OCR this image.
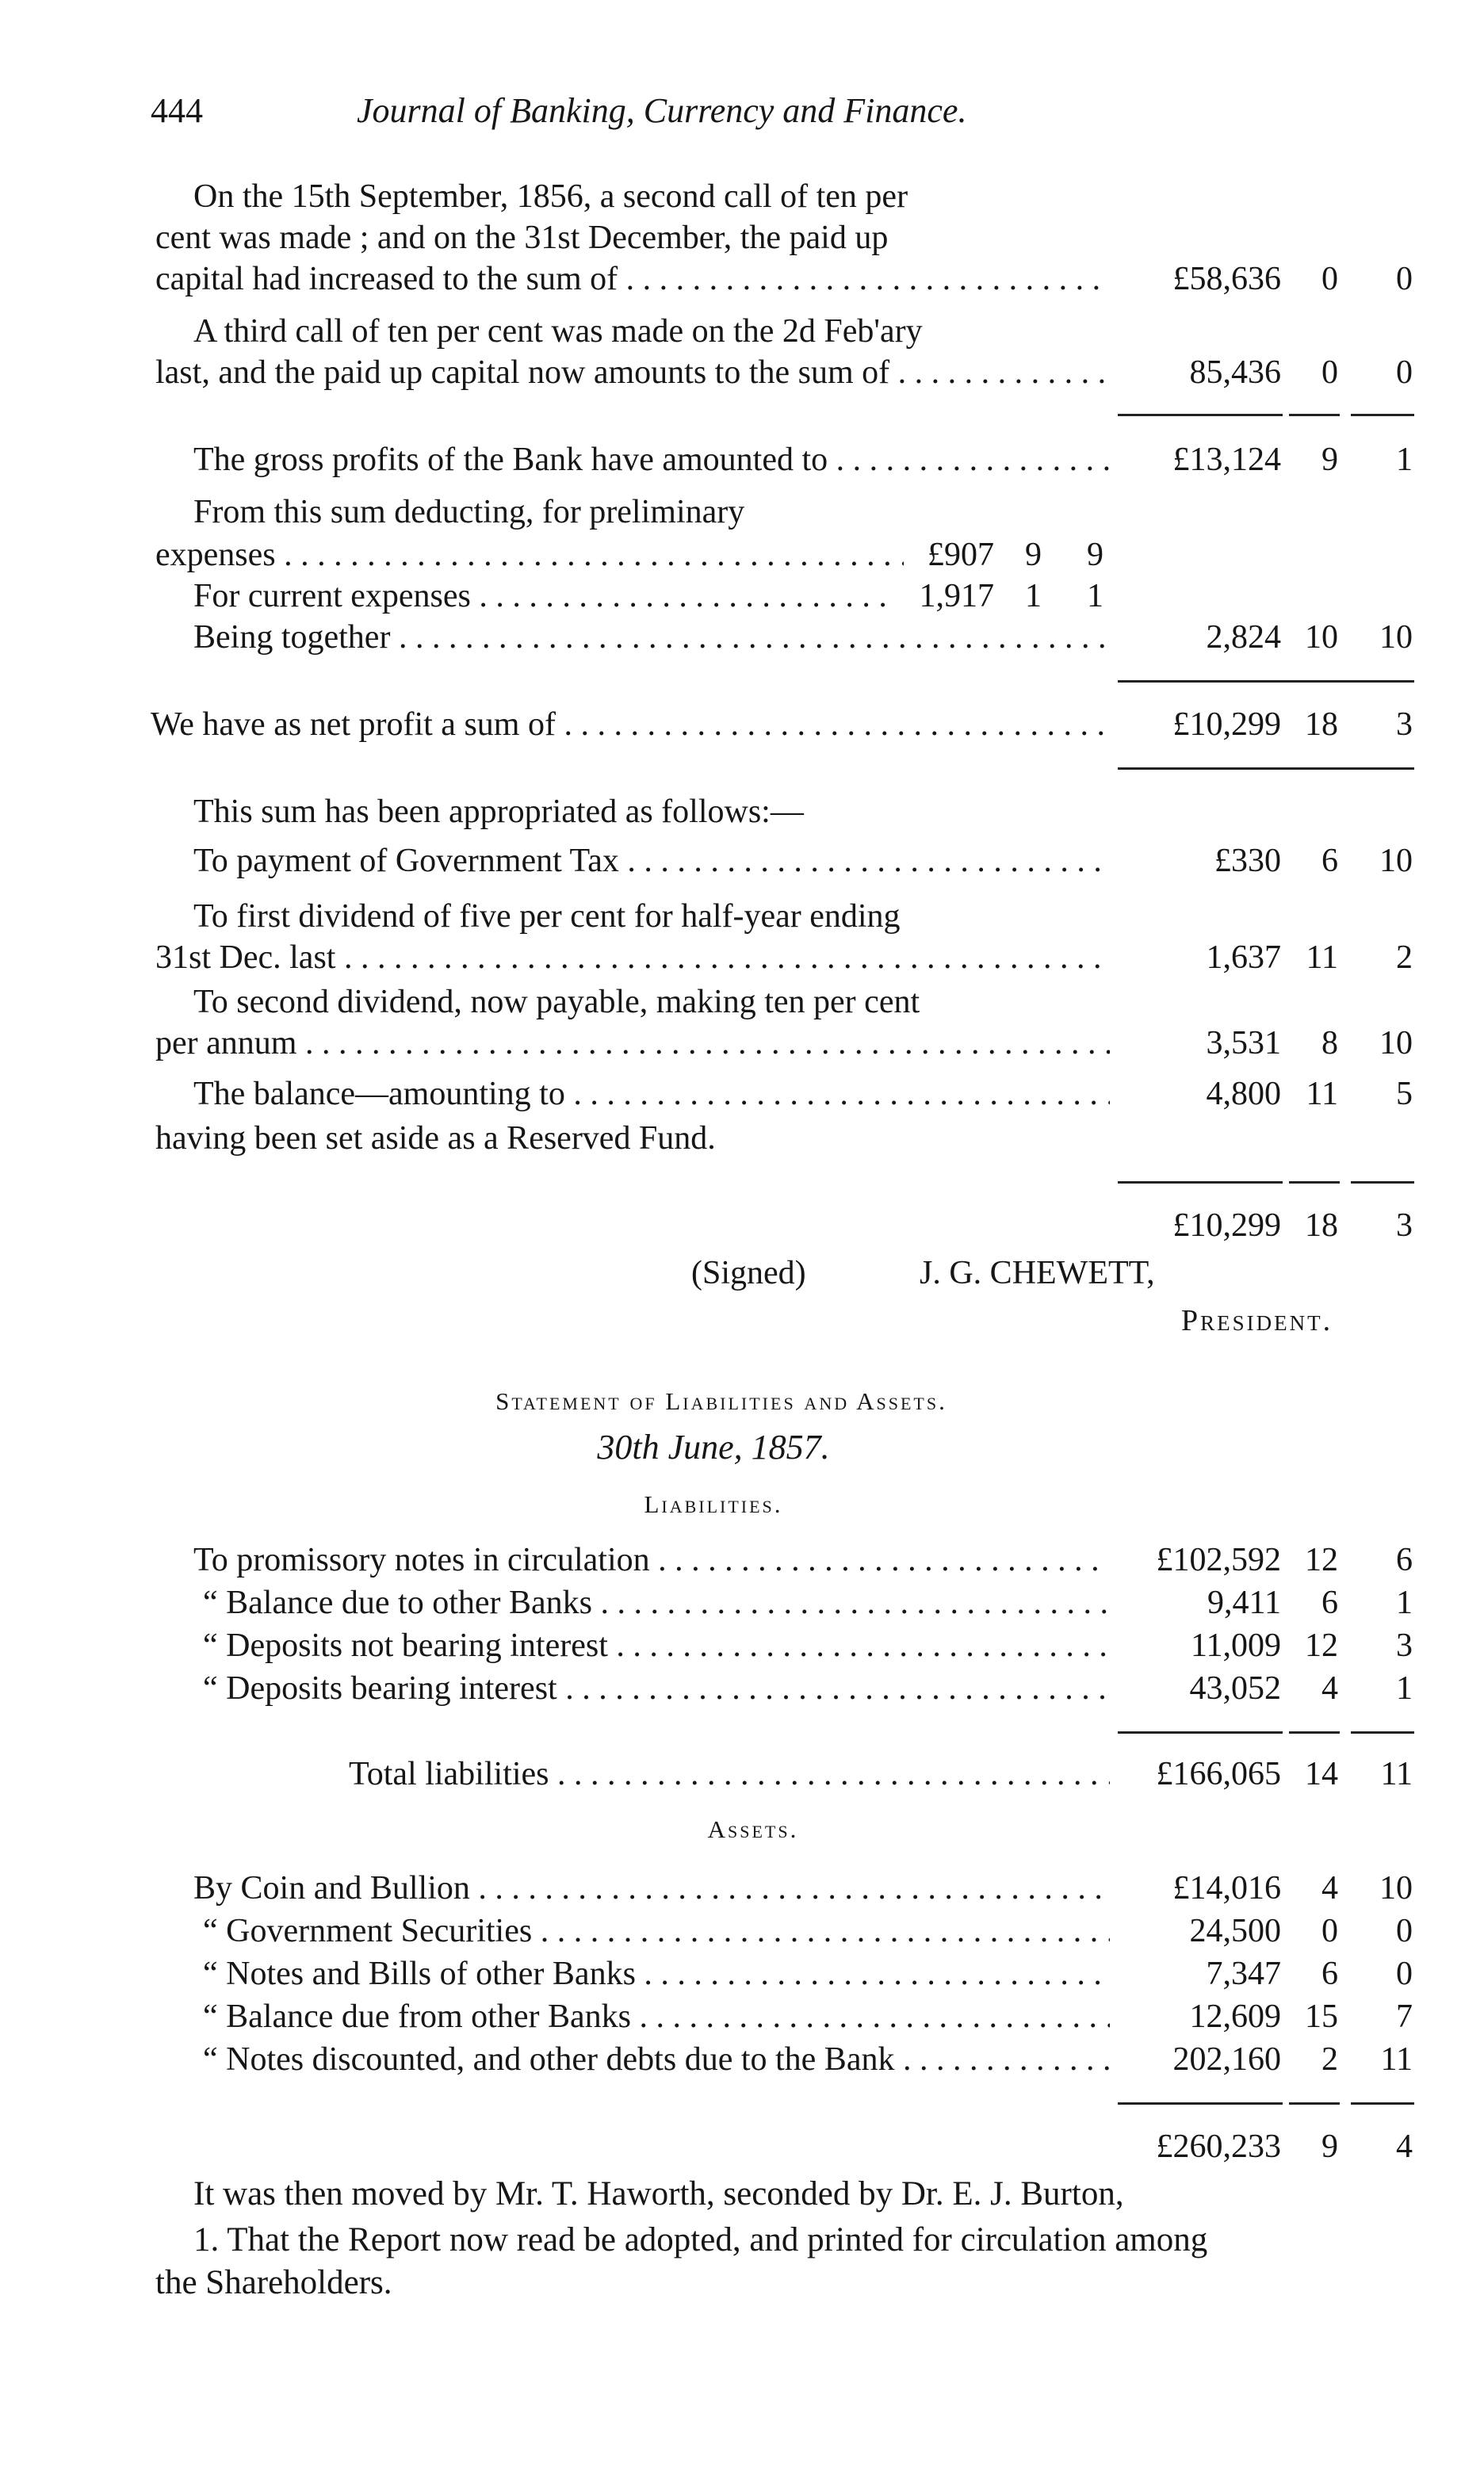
444	Journal of Banking, Currency and Finance.
On the 15th September, 1856, a second call of ten per
cent was made ; and on the 31st December, the paid up
capital had increased to the sum of . . .	£58,636	0	0
A third call of ten per cent was made on the 2d Feb'ary
last, and the paid up capital now amounts to the sum of . . .	85,436	0	0
The gross profits of the Bank have amounted to . . .	£13,124	9	1
From this sum deducting, for preliminary
expenses . . .	£907 9	9
For current expenses . . .	1,917 1	1
Being together . . .	2,824 10	10
We have as net profit a sum of . . .	£10,299 18	3
This sum has been appropriated as follows:—
To payment of Government Tax . . .	£330	6	10
To first dividend of five per cent for half-year ending
31st Dec. last . . .	1,637 11	2
To second dividend, now payable, making ten per cent
per annum . . .	3,531	8	10
The balance—amounting to . . .	4,800 11	5
having been set aside as a Reserved Fund.
£10,299 18	3
(Signed)	J. G. CHEWETT,
President.
Statement of Liabilities and Assets.
30th June, 1857.
Liabilities.
To promissory notes in circulation . . .	£102,592 12	6
“ Balance due to other Banks . . .	9,411	6	1
“ Deposits not bearing interest . . .	11,009 12	3
“ Deposits bearing interest . . .	43,052	4	1
Total liabilities . . .	£166,065 14	11
Assets.
By Coin and Bullion . . .	£14,016	4	10
“ Government Securities . . .	24,500	0	0
“ Notes and Bills of other Banks . . .	7,347	6	0
“ Balance due from other Banks . . .	12,609 15	7
“ Notes discounted, and other debts due to the Bank . . .	202,160	2	11
£260,233	9	4
It was then moved by Mr. T. Haworth, seconded by Dr. E. J. Burton,
1. That the Report now read be adopted, and printed for circulation among
the Shareholders.
